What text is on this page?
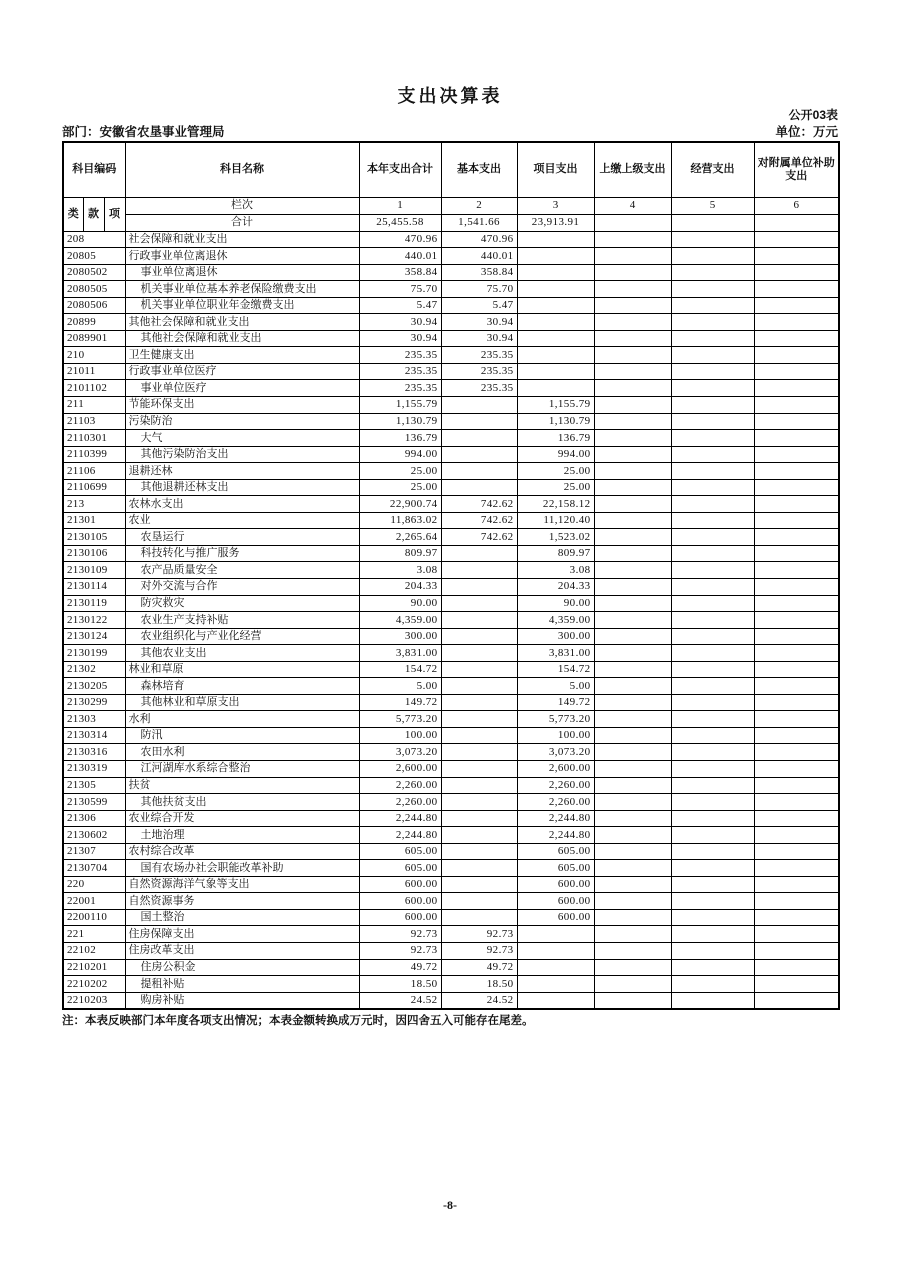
支出决算表
公开03表
部门：安徽省农垦事业管理局	单位：万元
科目编码			科目名称	本年支出合计	基本支出	项目支出	上缴上级支出	经营支出	对附属单位补助支出
类	款	项	栏次	1	2	3	4	5	6
			合计	25,455.58	1,541.66	23,913.91			
208			社会保障和就业支出	470.96	470.96				
20805			行政事业单位离退休	440.01	440.01				
2080502			事业单位离退休	358.84	358.84				
2080505			机关事业单位基本养老保险缴费支出	75.70	75.70				
2080506			机关事业单位职业年金缴费支出	5.47	5.47				
20899			其他社会保障和就业支出	30.94	30.94				
2089901			其他社会保障和就业支出	30.94	30.94				
210			卫生健康支出	235.35	235.35				
21011			行政事业单位医疗	235.35	235.35				
2101102			事业单位医疗	235.35	235.35				
211			节能环保支出	1,155.79		1,155.79			
21103			污染防治	1,130.79		1,130.79			
2110301			大气	136.79		136.79			
2110399			其他污染防治支出	994.00		994.00			
21106			退耕还林	25.00		25.00			
2110699			其他退耕还林支出	25.00		25.00			
213			农林水支出	22,900.74	742.62	22,158.12			
21301			农业	11,863.02	742.62	11,120.40			
2130105			农垦运行	2,265.64	742.62	1,523.02			
2130106			科技转化与推广服务	809.97		809.97			
2130109			农产品质量安全	3.08		3.08			
2130114			对外交流与合作	204.33		204.33			
2130119			防灾救灾	90.00		90.00			
2130122			农业生产支持补贴	4,359.00		4,359.00			
2130124			农业组织化与产业化经营	300.00		300.00			
2130199			其他农业支出	3,831.00		3,831.00			
21302			林业和草原	154.72		154.72			
2130205			森林培育	5.00		5.00			
2130299			其他林业和草原支出	149.72		149.72			
21303			水利	5,773.20		5,773.20			
2130314			防汛	100.00		100.00			
2130316			农田水利	3,073.20		3,073.20			
2130319			江河湖库水系综合整治	2,600.00		2,600.00			
21305			扶贫	2,260.00		2,260.00			
2130599			其他扶贫支出	2,260.00		2,260.00			
21306			农业综合开发	2,244.80		2,244.80			
2130602			土地治理	2,244.80		2,244.80			
21307			农村综合改革	605.00		605.00			
2130704			国有农场办社会职能改革补助	605.00		605.00			
220			自然资源海洋气象等支出	600.00		600.00			
22001			自然资源事务	600.00		600.00			
2200110			国土整治	600.00		600.00			
221			住房保障支出	92.73	92.73				
22102			住房改革支出	92.73	92.73				
2210201			住房公积金	49.72	49.72				
2210202			提租补贴	18.50	18.50				
2210203			购房补贴	24.52	24.52				
注：本表反映部门本年度各项支出情况；本表金额转换成万元时，因四舍五入可能存在尾差。
-8-
